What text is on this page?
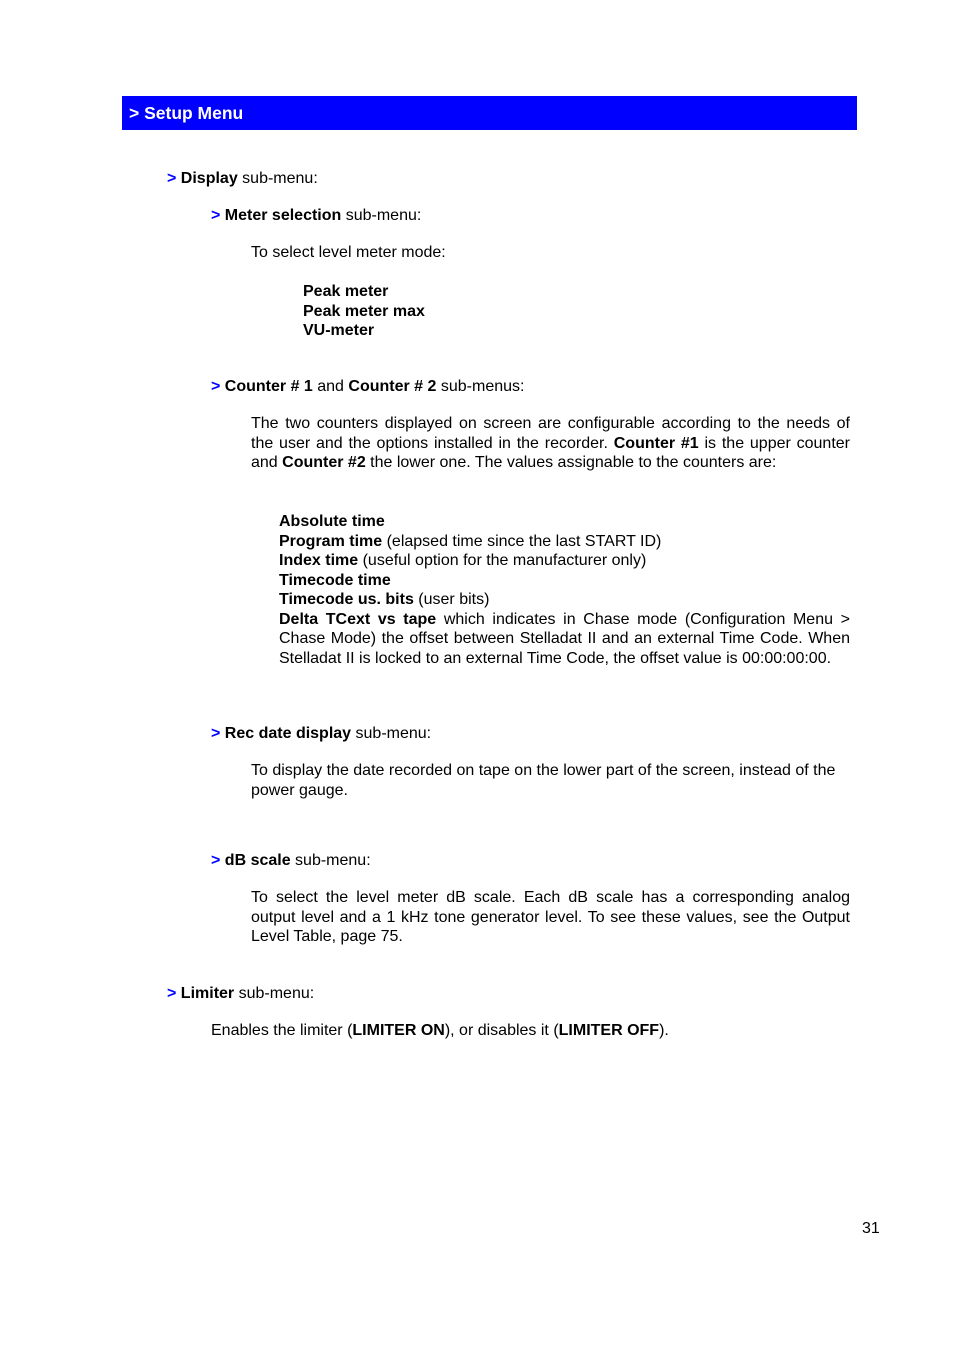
> Setup Menu
> Display sub-menu:
> Meter selection sub-menu:
To select level meter mode:
Peak meter
Peak meter max
VU-meter
> Counter # 1 and Counter # 2 sub-menus:
The two counters displayed on screen are configurable according to the needs of the user and the options installed in the recorder. Counter #1 is the upper counter and Counter #2 the lower one. The values assignable to the counters are:
Absolute time
Program time (elapsed time since the last START ID)
Index time (useful option for the manufacturer only)
Timecode time
Timecode us. bits (user bits)
Delta TCext vs tape which indicates in Chase mode (Configuration Menu > Chase Mode) the offset between Stelladat II and an external Time Code. When Stelladat II is locked to an external Time Code, the offset value is 00:00:00:00.
> Rec date display sub-menu:
To display the date recorded on tape on the lower part of the screen, instead of the power gauge.
> dB scale sub-menu:
To select the level meter dB scale. Each dB scale has a corresponding analog output level and a 1 kHz tone generator level. To see these values, see the Output Level Table, page 75.
> Limiter sub-menu:
Enables the limiter (LIMITER ON), or disables it (LIMITER OFF).
31
